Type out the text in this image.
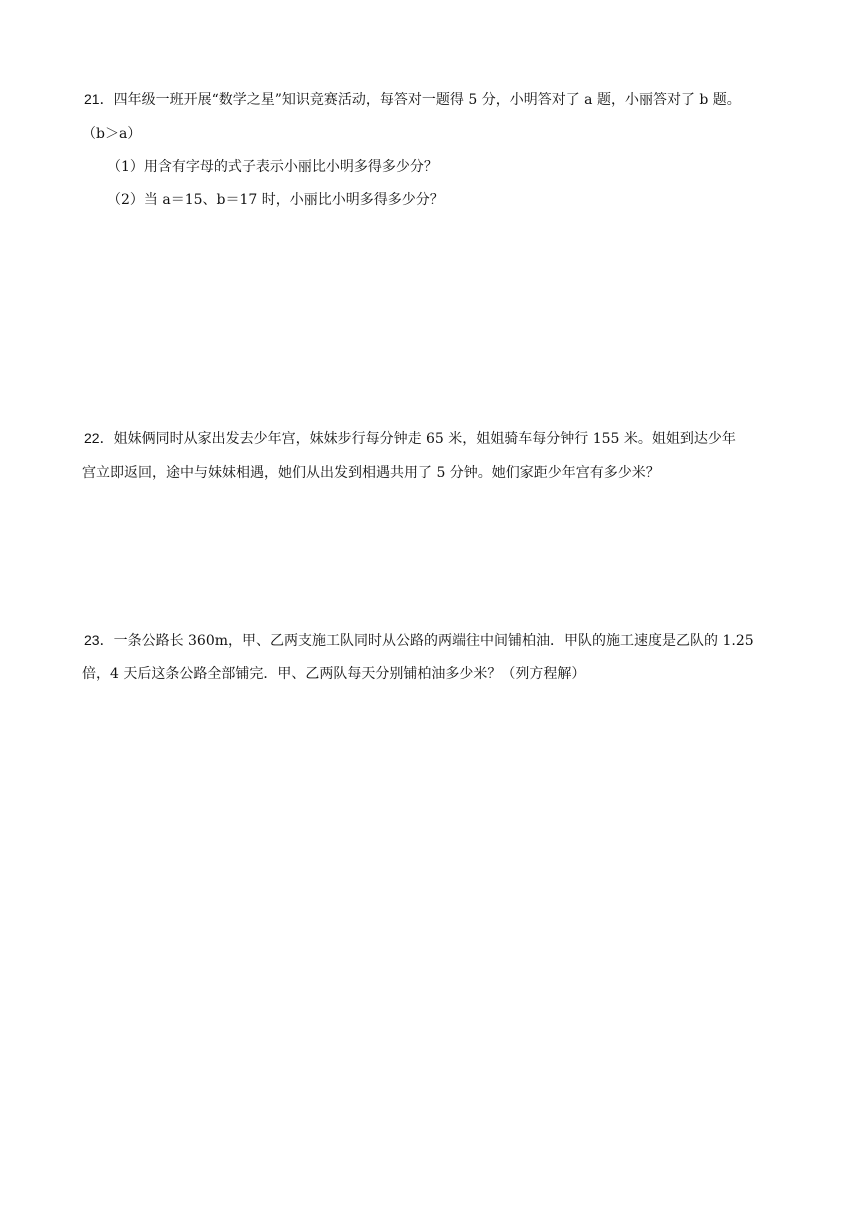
21．四年级一班开展“数学之星”知识竞赛活动，每答对一题得 5 分，小明答对了 a 题，小丽答对了 b 题。
（b＞a）
（1）用含有字母的式子表示小丽比小明多得多少分？
（2）当 a＝15、b＝17 时，小丽比小明多得多少分？
22．姐妹俩同时从家出发去少年宫，妹妹步行每分钟走 65 米，姐姐骑车每分钟行 155 米。姐姐到达少年
宫立即返回，途中与妹妹相遇，她们从出发到相遇共用了 5 分钟。她们家距少年宫有多少米？
23．一条公路长 360m，甲、乙两支施工队同时从公路的两端往中间铺柏油．甲队的施工速度是乙队的 1.25
倍，4 天后这条公路全部铺完．甲、乙两队每天分别铺柏油多少米？（列方程解）
